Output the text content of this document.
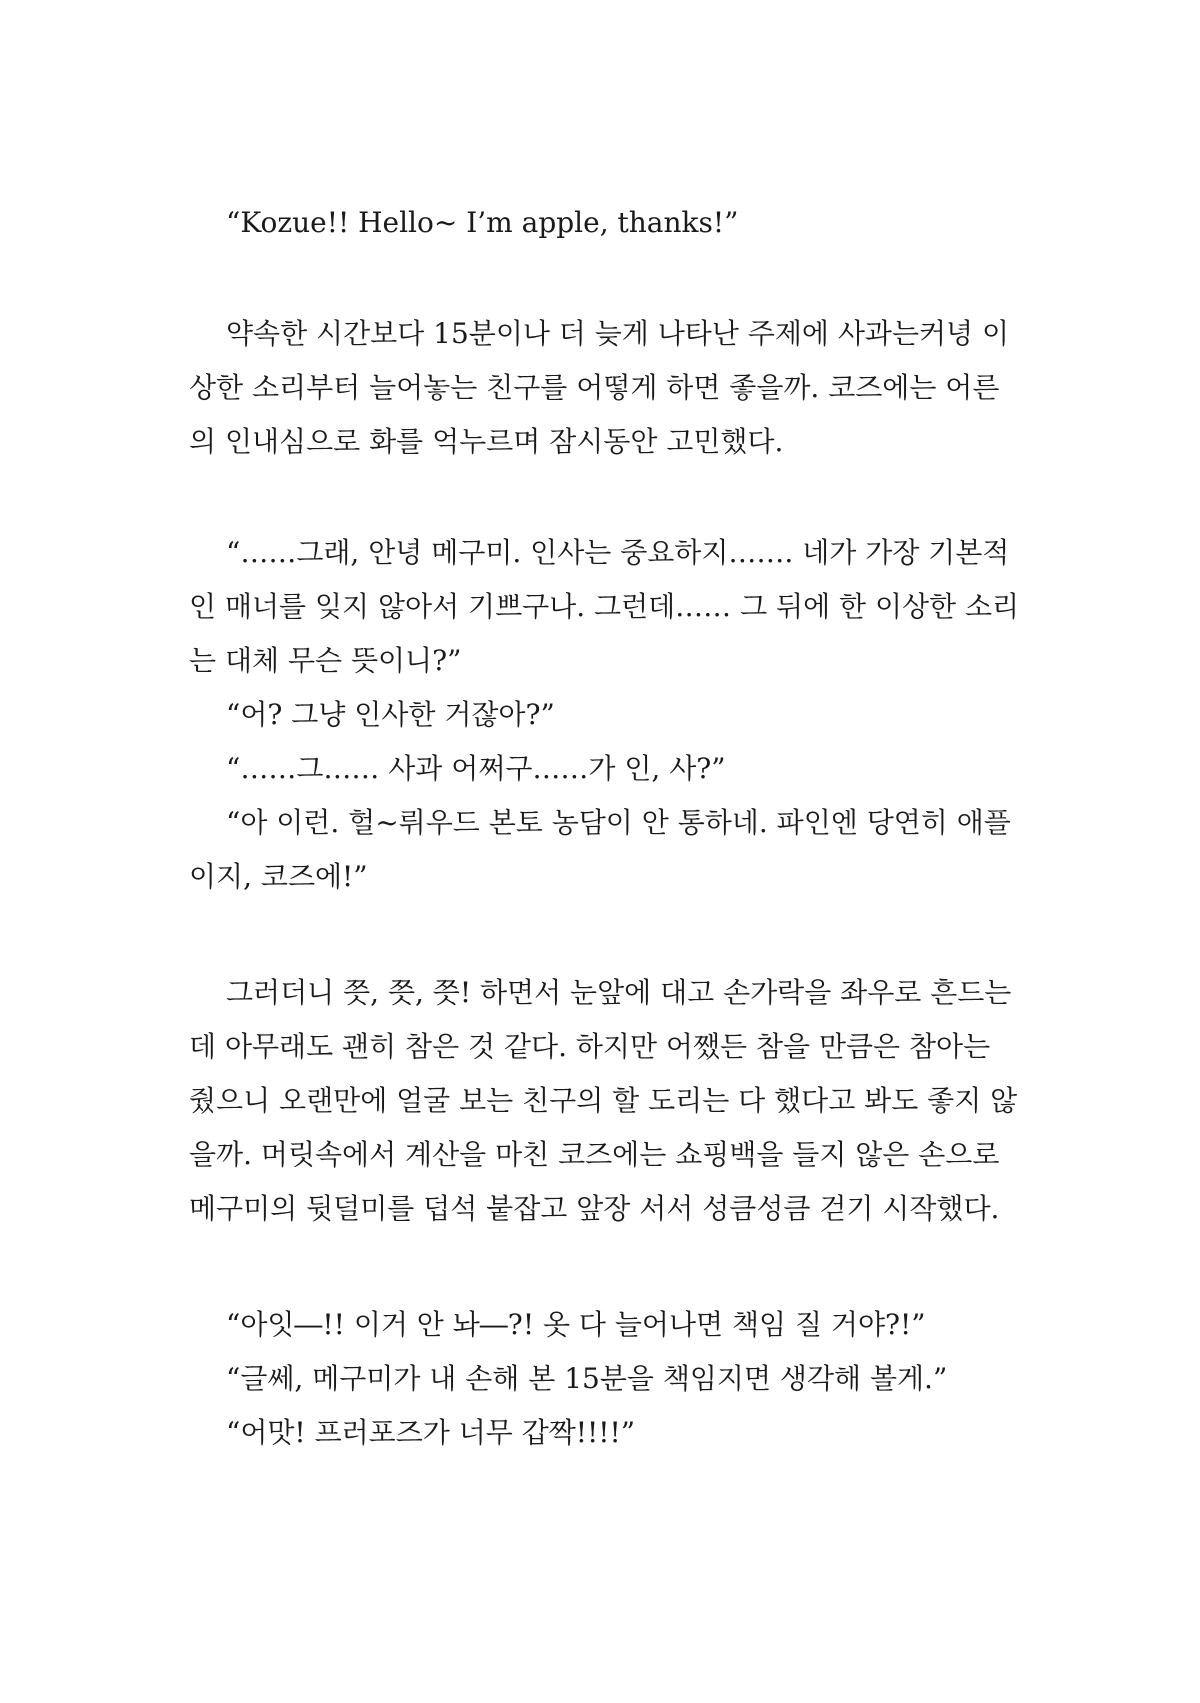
“Kozue!! Hello~ I’m apple, thanks!”
약속한 시간보다 15분이나 더 늦게 나타난 주제에 사과는커녕 이
상한 소리부터 늘어놓는 친구를 어떻게 하면 좋을까. 코즈에는 어른
의 인내심으로 화를 억누르며 잠시동안 고민했다.
“……그래, 안녕 메구미. 인사는 중요하지……. 네가 가장 기본적
인 매너를 잊지 않아서 기쁘구나. 그런데…… 그 뒤에 한 이상한 소리
는 대체 무슨 뜻이니?”
“어? 그냥 인사한 거잖아?”
“……그…… 사과 어쩌구……가 인, 사?”
“아 이런. 헐~뤼우드 본토 농담이 안 통하네. 파인엔 당연히 애플
이지, 코즈에!”
그러더니 쯧, 쯧, 쯧! 하면서 눈앞에 대고 손가락을 좌우로 흔드는
데 아무래도 괜히 참은 것 같다. 하지만 어쨌든 참을 만큼은 참아는
줬으니 오랜만에 얼굴 보는 친구의 할 도리는 다 했다고 봐도 좋지 않
을까. 머릿속에서 계산을 마친 코즈에는 쇼핑백을 들지 않은 손으로
메구미의 뒷덜미를 덥석 붙잡고 앞장 서서 성큼성큼 걷기 시작했다.
“아잇―!! 이거 안 놔―?! 옷 다 늘어나면 책임 질 거야?!”
“글쎄, 메구미가 내 손해 본 15분을 책임지면 생각해 볼게.”
“어맛! 프러포즈가 너무 갑짝!!!!”
